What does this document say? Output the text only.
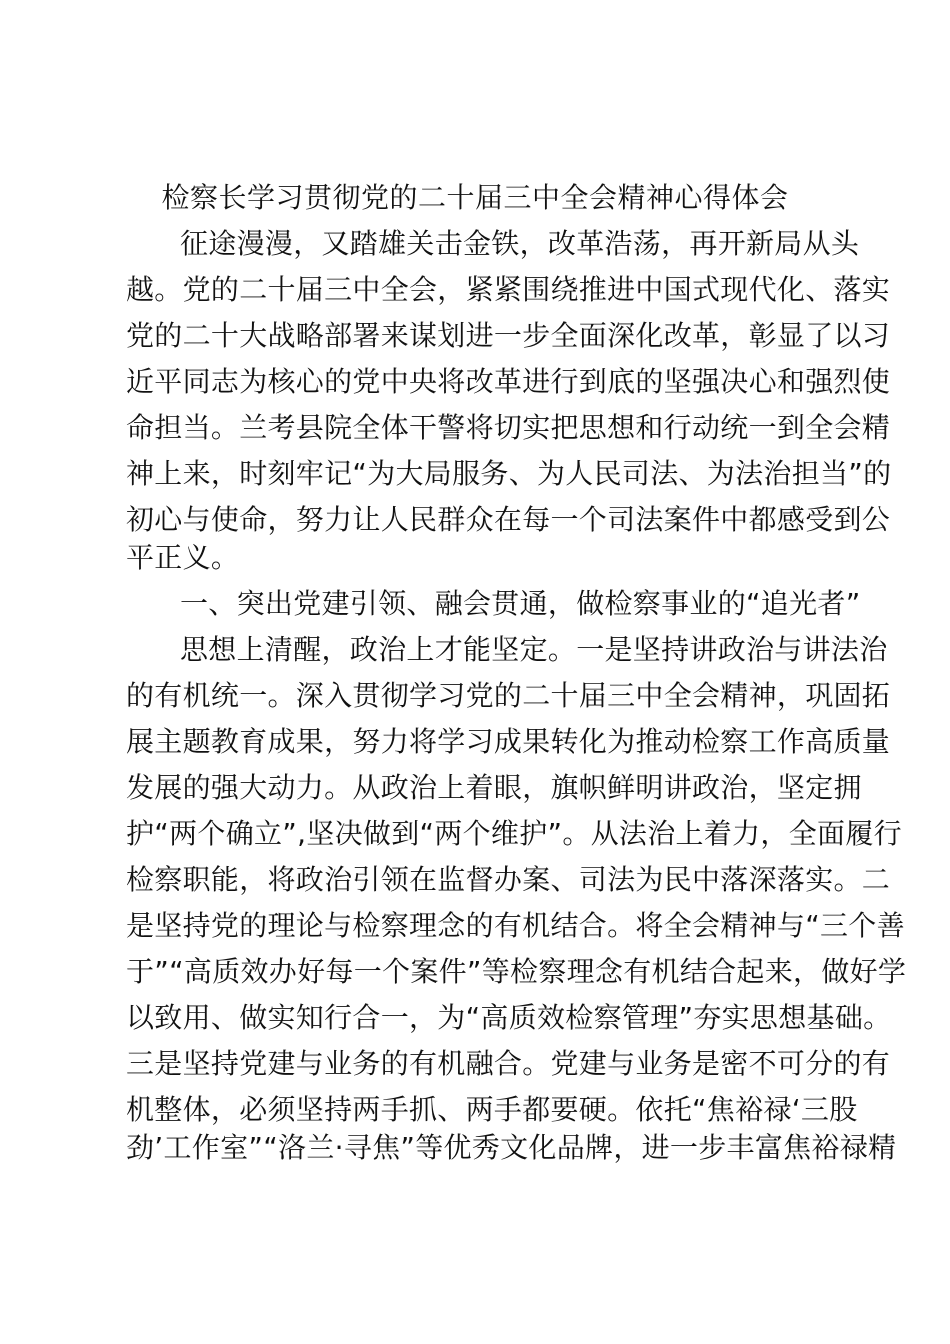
检察长学习贯彻党的二十届三中全会精神心得体会
征途漫漫，又踏雄关击金铁，改革浩荡，再开新局从头
越。党的二十届三中全会，紧紧围绕推进中国式现代化、落实
党的二十大战略部署来谋划进一步全面深化改革，彰显了以习
近平同志为核心的党中央将改革进行到底的坚强决心和强烈使
命担当。兰考县院全体干警将切实把思想和行动统一到全会精
神上来，时刻牢记“为大局服务、为人民司法、为法治担当”的
初心与使命，努力让人民群众在每一个司法案件中都感受到公
平正义。
一、突出党建引领、融会贯通，做检察事业的“追光者”
思想上清醒，政治上才能坚定。一是坚持讲政治与讲法治
的有机统一。深入贯彻学习党的二十届三中全会精神，巩固拓
展主题教育成果，努力将学习成果转化为推动检察工作高质量
发展的强大动力。从政治上着眼，旗帜鲜明讲政治，坚定拥
护“两个确立”,坚决做到“两个维护”。从法治上着力，全面履行
检察职能，将政治引领在监督办案、司法为民中落深落实。二
是坚持党的理论与检察理念的有机结合。将全会精神与“三个善
于”“高质效办好每一个案件”等检察理念有机结合起来，做好学
以致用、做实知行合一，为“高质效检察管理”夯实思想基础。
三是坚持党建与业务的有机融合。党建与业务是密不可分的有
机整体，必须坚持两手抓、两手都要硬。依托“焦裕禄‘三股
劲’工作室”“洛兰·寻焦”等优秀文化品牌，进一步丰富焦裕禄精
